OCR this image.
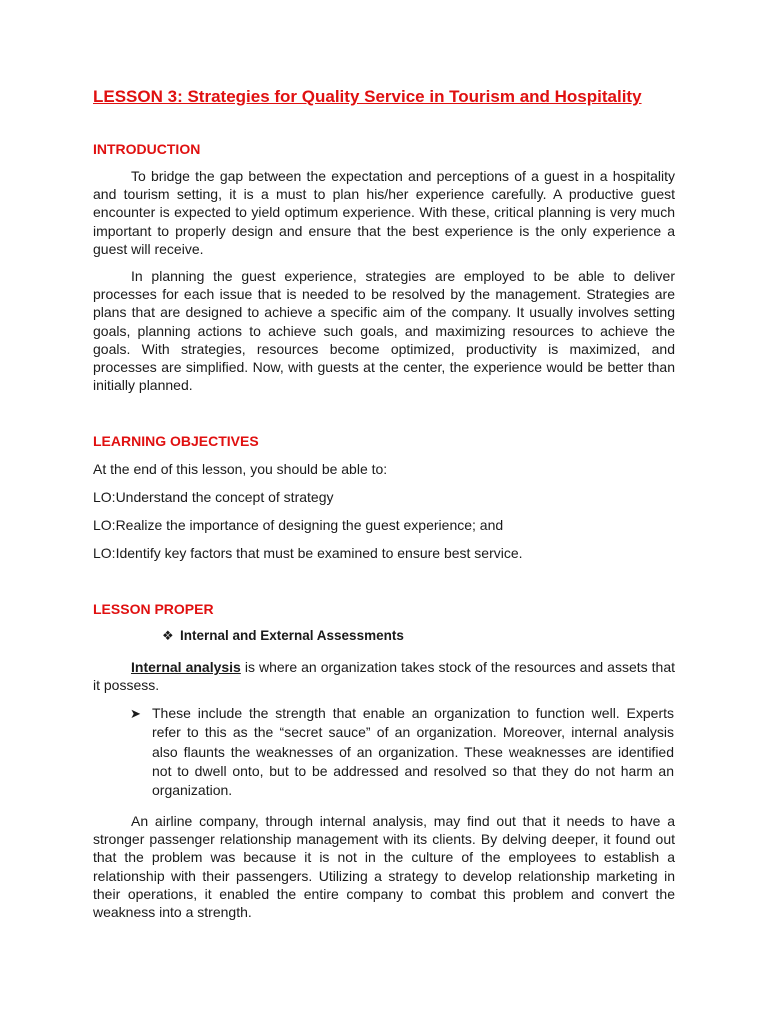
LESSON 3: Strategies for Quality Service in Tourism and Hospitality
INTRODUCTION

To bridge the gap between the expectation and perceptions of a guest in a hospitality and tourism setting, it is a must to plan his/her experience carefully. A productive guest encounter is expected to yield optimum experience. With these, critical planning is very much important to properly design and ensure that the best experience is the only experience a guest will receive.

In planning the guest experience, strategies are employed to be able to deliver processes for each issue that is needed to be resolved by the management. Strategies are plans that are designed to achieve a specific aim of the company. It usually involves setting goals, planning actions to achieve such goals, and maximizing resources to achieve the goals. With strategies, resources become optimized, productivity is maximized, and processes are simplified. Now, with guests at the center, the experience would be better than initially planned.

LEARNING OBJECTIVES
At the end of this lesson, you should be able to:
LO:Understand the concept of strategy
LO:Realize the importance of designing the guest experience; and
LO:Identify key factors that must be examined to ensure best service.
LESSON PROPER
❖ Internal and External Assessments

Internal analysis is where an organization takes stock of the resources and assets that it possess.

➤ These include the strength that enable an organization to function well. Experts refer to this as the “secret sauce” of an organization. Moreover, internal analysis also flaunts the weaknesses of an organization. These weaknesses are identified not to dwell onto, but to be addressed and resolved so that they do not harm an organization.

An airline company, through internal analysis, may find out that it needs to have a stronger passenger relationship management with its clients. By delving deeper, it found out that the problem was because it is not in the culture of the employees to establish a relationship with their passengers. Utilizing a strategy to develop relationship marketing in their operations, it enabled the entire company to combat this problem and convert the weakness into a strength.
